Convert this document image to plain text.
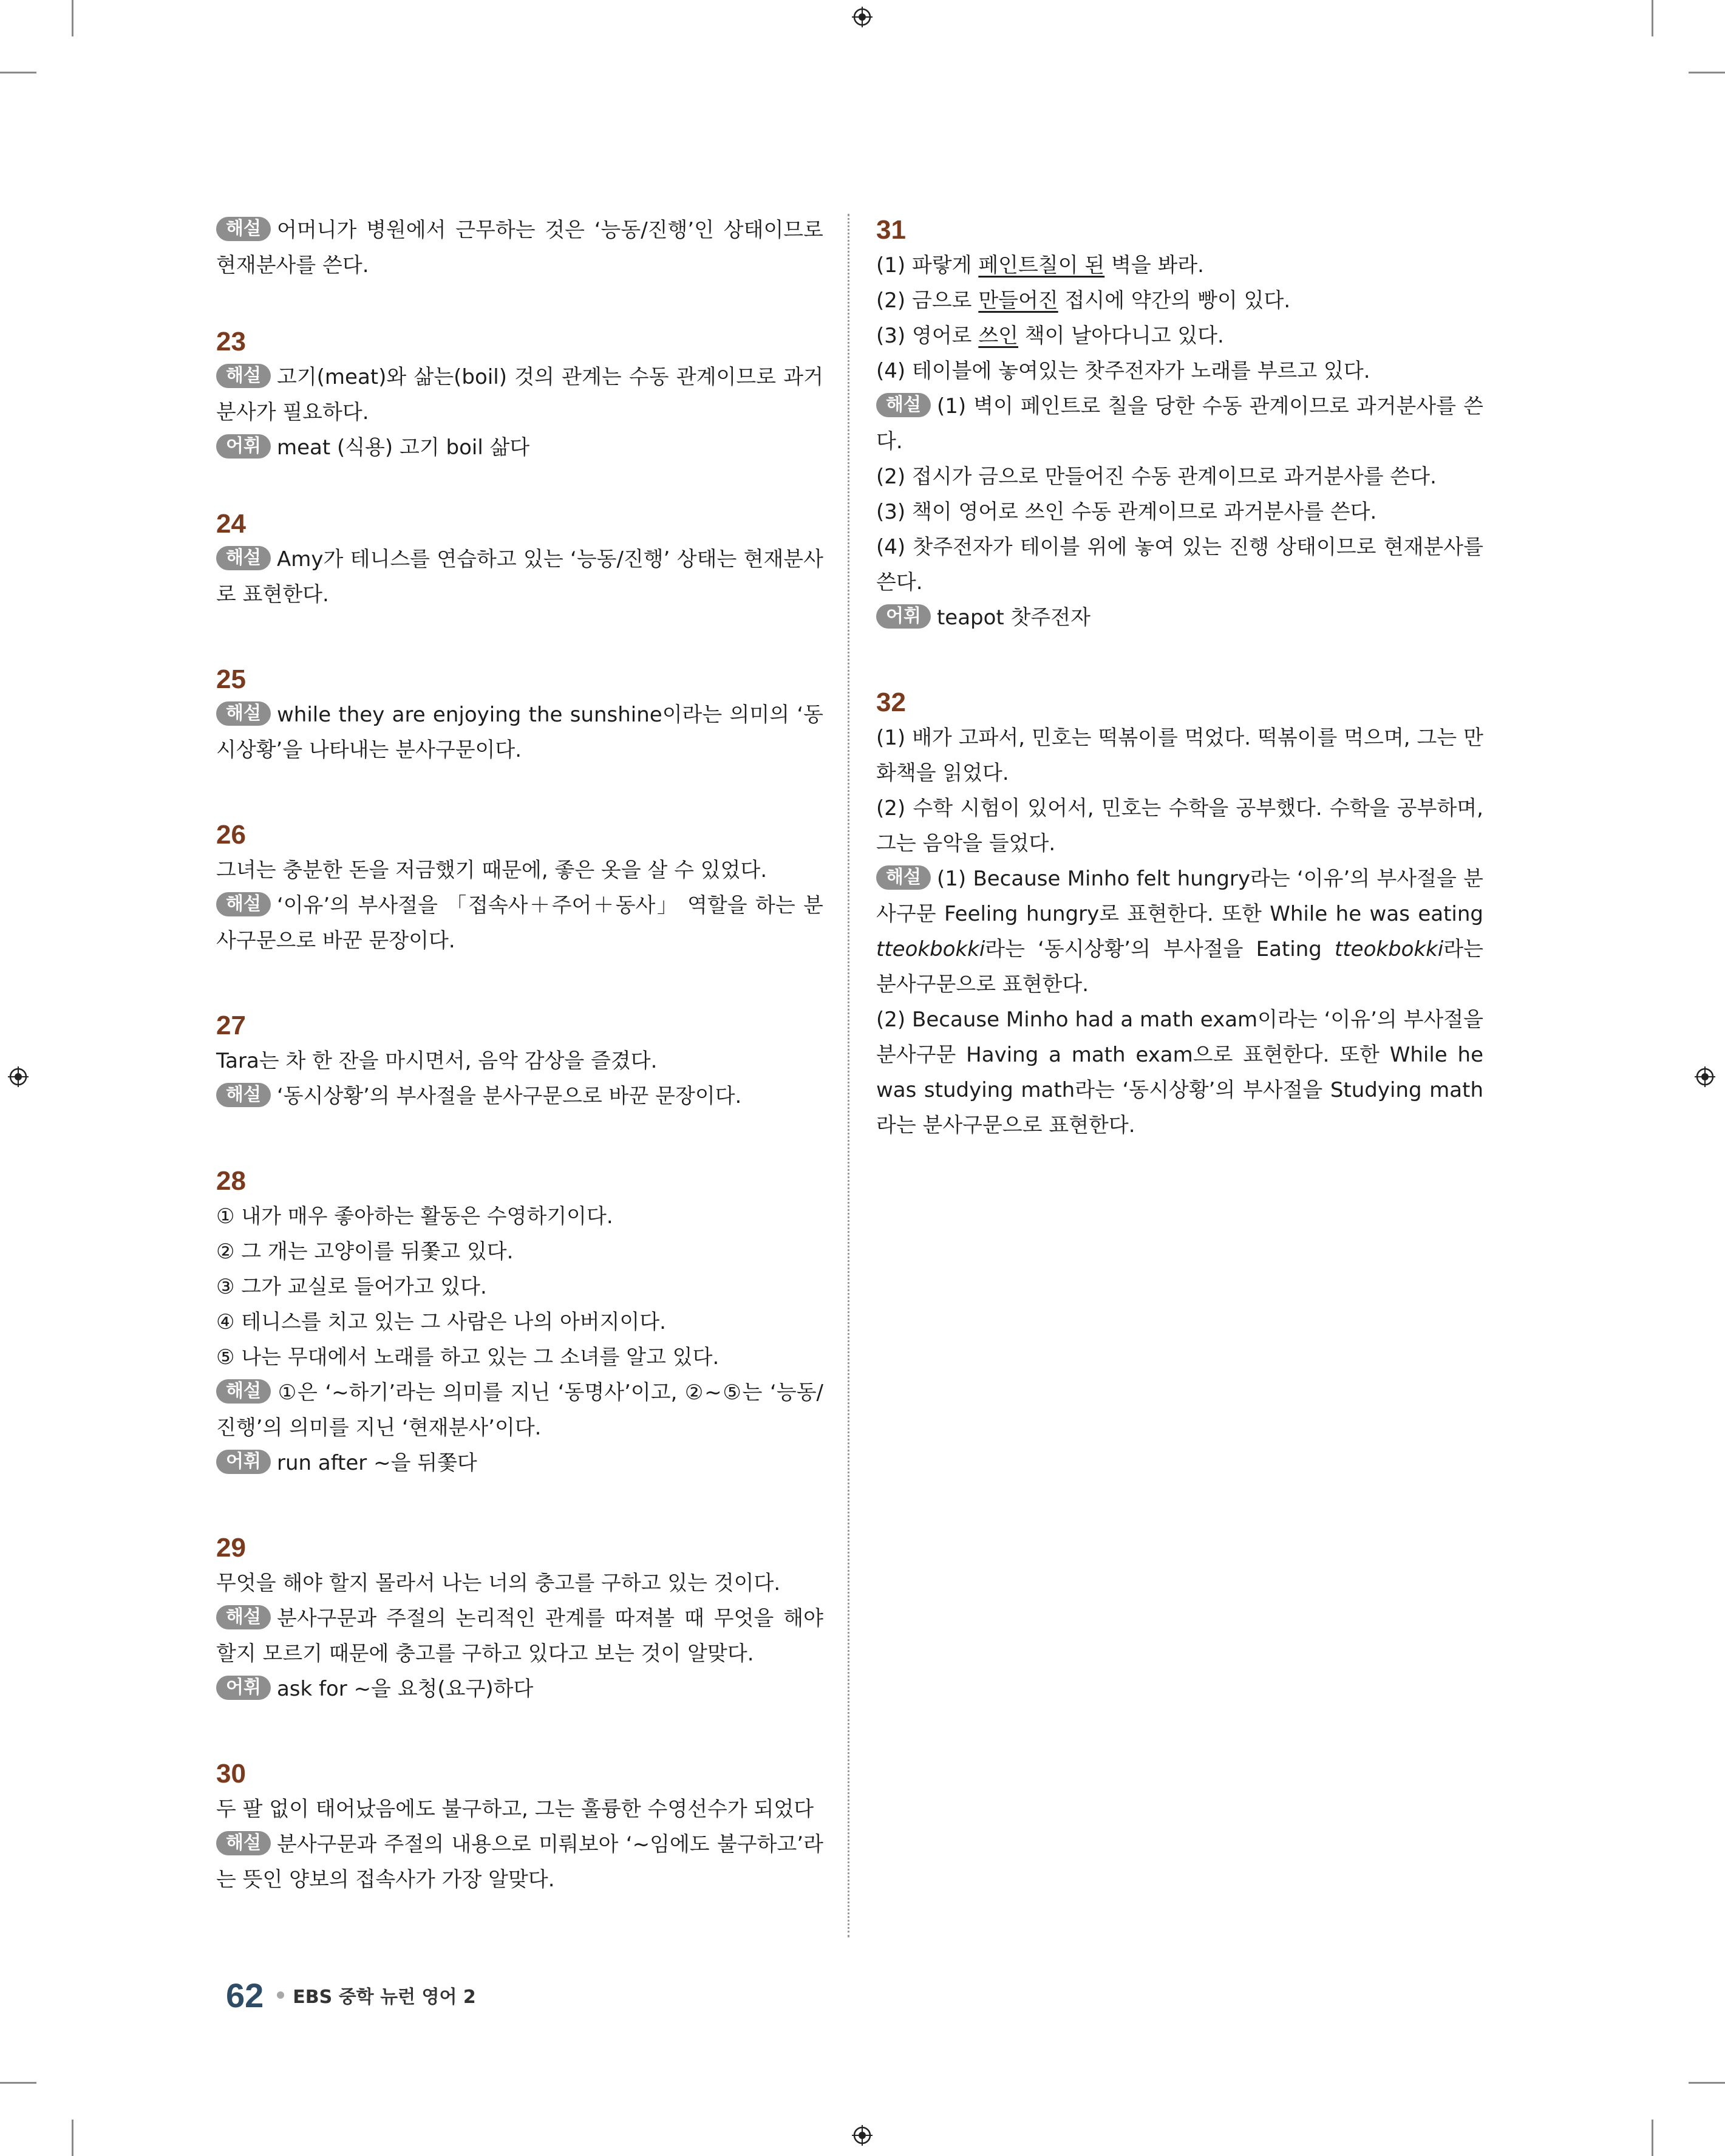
해설 어머니가 병원에서 근무하는 것은 ‘능동/진행’인 상태이므로 현재분사를 쓴다.
23
해설 고기(meat)와 삶는(boil) 것의 관계는 수동 관계이므로 과거분사가 필요하다.
어휘 meat (식용) 고기 boil 삶다
24
해설 Amy가 테니스를 연습하고 있는 ‘능동/진행’ 상태는 현재분사로 표현한다.
25
해설 while they are enjoying the sunshine이라는 의미의 ‘동시상황’을 나타내는 분사구문이다.
26
그녀는 충분한 돈을 저금했기 때문에, 좋은 옷을 살 수 있었다.
해설 ‘이유’의 부사절을 「접속사＋주어＋동사」 역할을 하는 분사구문으로 바꾼 문장이다.
27
Tara는 차 한 잔을 마시면서, 음악 감상을 즐겼다.
해설 ‘동시상황’의 부사절을 분사구문으로 바꾼 문장이다.
28
① 내가 매우 좋아하는 활동은 수영하기이다.
② 그 개는 고양이를 뒤쫓고 있다.
③ 그가 교실로 들어가고 있다.
④ 테니스를 치고 있는 그 사람은 나의 아버지이다.
⑤ 나는 무대에서 노래를 하고 있는 그 소녀를 알고 있다.
해설 ①은 ‘~하기’라는 의미를 지닌 ‘동명사’이고, ②~⑤는 ‘능동/진행’의 의미를 지닌 ‘현재분사’이다.
어휘 run after ~을 뒤쫓다
29
무엇을 해야 할지 몰라서 나는 너의 충고를 구하고 있는 것이다.
해설 분사구문과 주절의 논리적인 관계를 따져볼 때 무엇을 해야 할지 모르기 때문에 충고를 구하고 있다고 보는 것이 알맞다.
어휘 ask for ~을 요청(요구)하다
30
두 팔 없이 태어났음에도 불구하고, 그는 훌륭한 수영선수가 되었다
해설 분사구문과 주절의 내용으로 미뤄보아 ‘~임에도 불구하고’라는 뜻인 양보의 접속사가 가장 알맞다.
31
(1) 파랗게 페인트칠이 된 벽을 봐라.
(2) 금으로 만들어진 접시에 약간의 빵이 있다.
(3) 영어로 쓰인 책이 날아다니고 있다.
(4) 테이블에 놓여있는 찻주전자가 노래를 부르고 있다.
해설 (1) 벽이 페인트로 칠을 당한 수동 관계이므로 과거분사를 쓴다.
(2) 접시가 금으로 만들어진 수동 관계이므로 과거분사를 쓴다.
(3) 책이 영어로 쓰인 수동 관계이므로 과거분사를 쓴다.
(4) 찻주전자가 테이블 위에 놓여 있는 진행 상태이므로 현재분사를 쓴다.
어휘 teapot 찻주전자
32
(1) 배가 고파서, 민호는 떡볶이를 먹었다. 떡볶이를 먹으며, 그는 만화책을 읽었다.
(2) 수학 시험이 있어서, 민호는 수학을 공부했다. 수학을 공부하며, 그는 음악을 들었다.
해설 (1) Because Minho felt hungry라는 ‘이유’의 부사절을 분사구문 Feeling hungry로 표현한다. 또한 While he was eating tteokbokki라는 ‘동시상황’의 부사절을 Eating tteokbokki라는 분사구문으로 표현한다.
(2) Because Minho had a math exam이라는 ‘이유’의 부사절을 분사구문 Having a math exam으로 표현한다. 또한 While he was studying math라는 ‘동시상황’의 부사절을 Studying math라는 분사구문으로 표현한다.
62 EBS 중학 뉴런 영어 2
